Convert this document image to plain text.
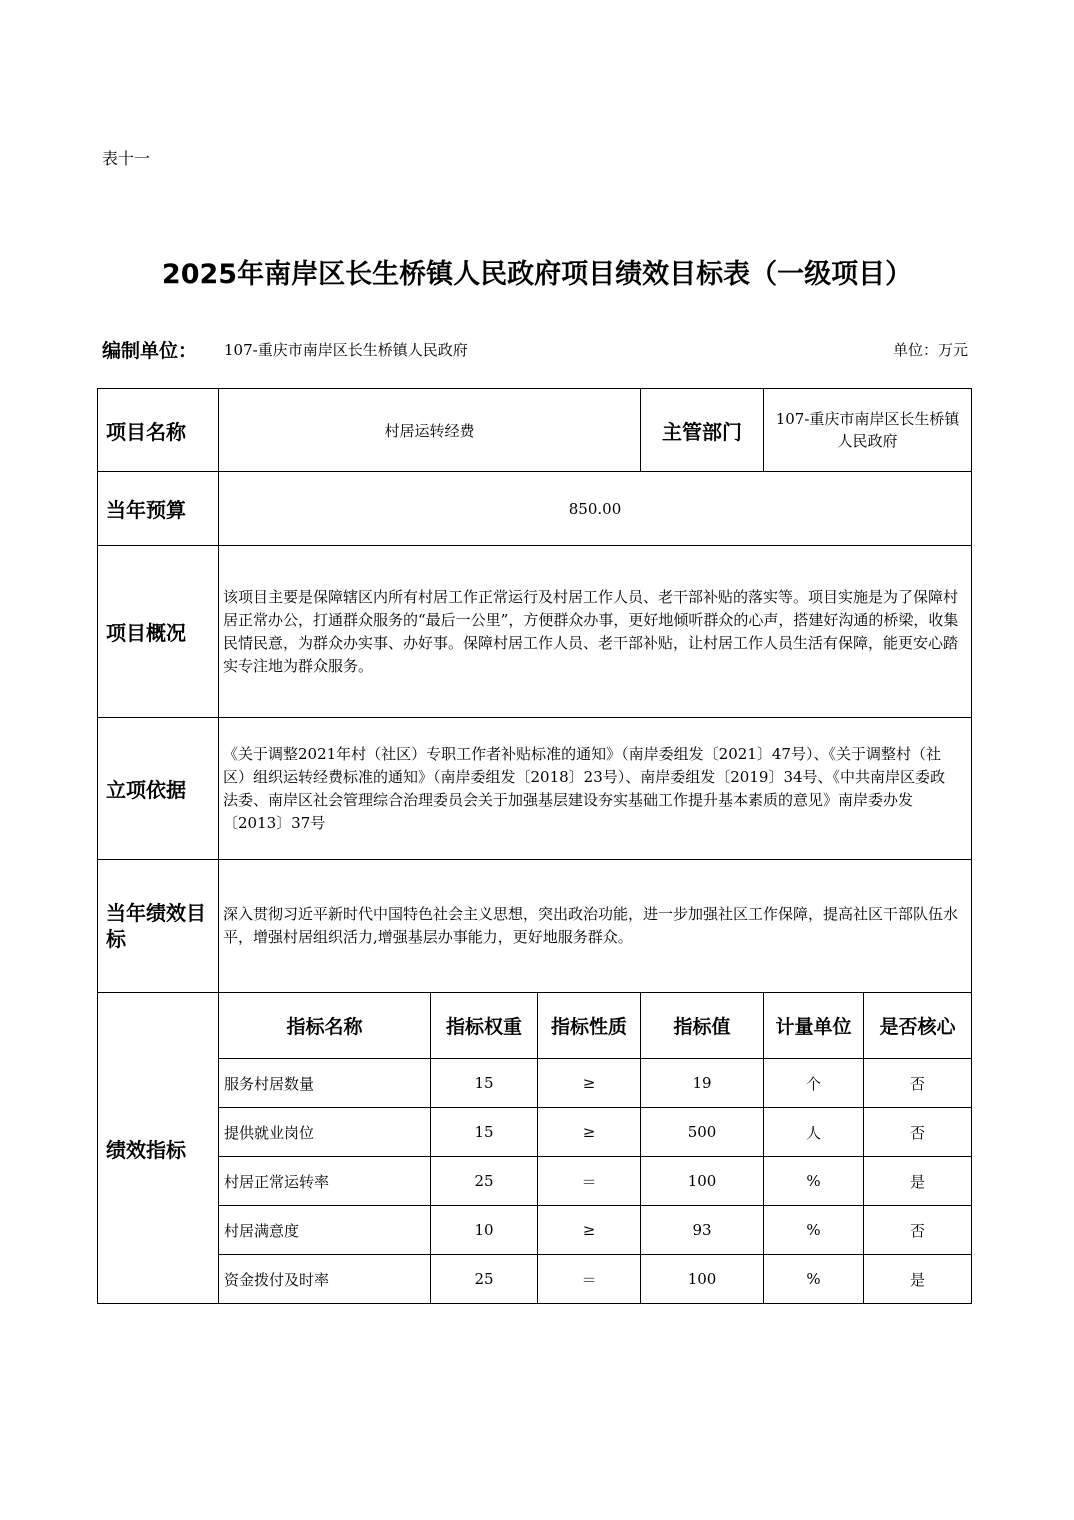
表十一
2025年南岸区长生桥镇人民政府项目绩效目标表（一级项目）
编制单位： 107-重庆市南岸区长生桥镇人民政府	单位：万元
项目名称	村居运转经费			主管部门	107-重庆市南岸区长生桥镇人民政府	
当年预算	850.00					
项目概况	该项目主要是保障辖区内所有村居工作正常运行及村居工作人员、老干部补贴的落实等。项目实施是为了保障村居正常办公，打通群众服务的“最后一公里”，方便群众办事，更好地倾听群众的心声，搭建好沟通的桥梁，收集民情民意，为群众办实事、办好事。保障村居工作人员、老干部补贴，让村居工作人员生活有保障，能更安心踏实专注地为群众服务。					
立项依据	《关于调整2021年村（社区）专职工作者补贴标准的通知》（南岸委组发〔2021〕47号）、《关于调整村（社区）组织运转经费标准的通知》（南岸委组发〔2018〕23号）、南岸委组发〔2019〕34号、《中共南岸区委政法委、南岸区社会管理综合治理委员会关于加强基层建设夯实基础工作提升基本素质的意见》南岸委办发〔2013〕37号					
当年绩效目标	深入贯彻习近平新时代中国特色社会主义思想，突出政治功能，进一步加强社区工作保障，提高社区干部队伍水平，增强村居组织活力,增强基层办事能力，更好地服务群众。					
绩效指标	指标名称	指标权重	指标性质	指标值	计量单位	是否核心
	服务村居数量	15	≥	19	个	否
	提供就业岗位	15	≥	500	人	否
	村居正常运转率	25	＝	100	%	是
	村居满意度	10	≥	93	%	否
	资金拨付及时率	25	＝	100	%	是
